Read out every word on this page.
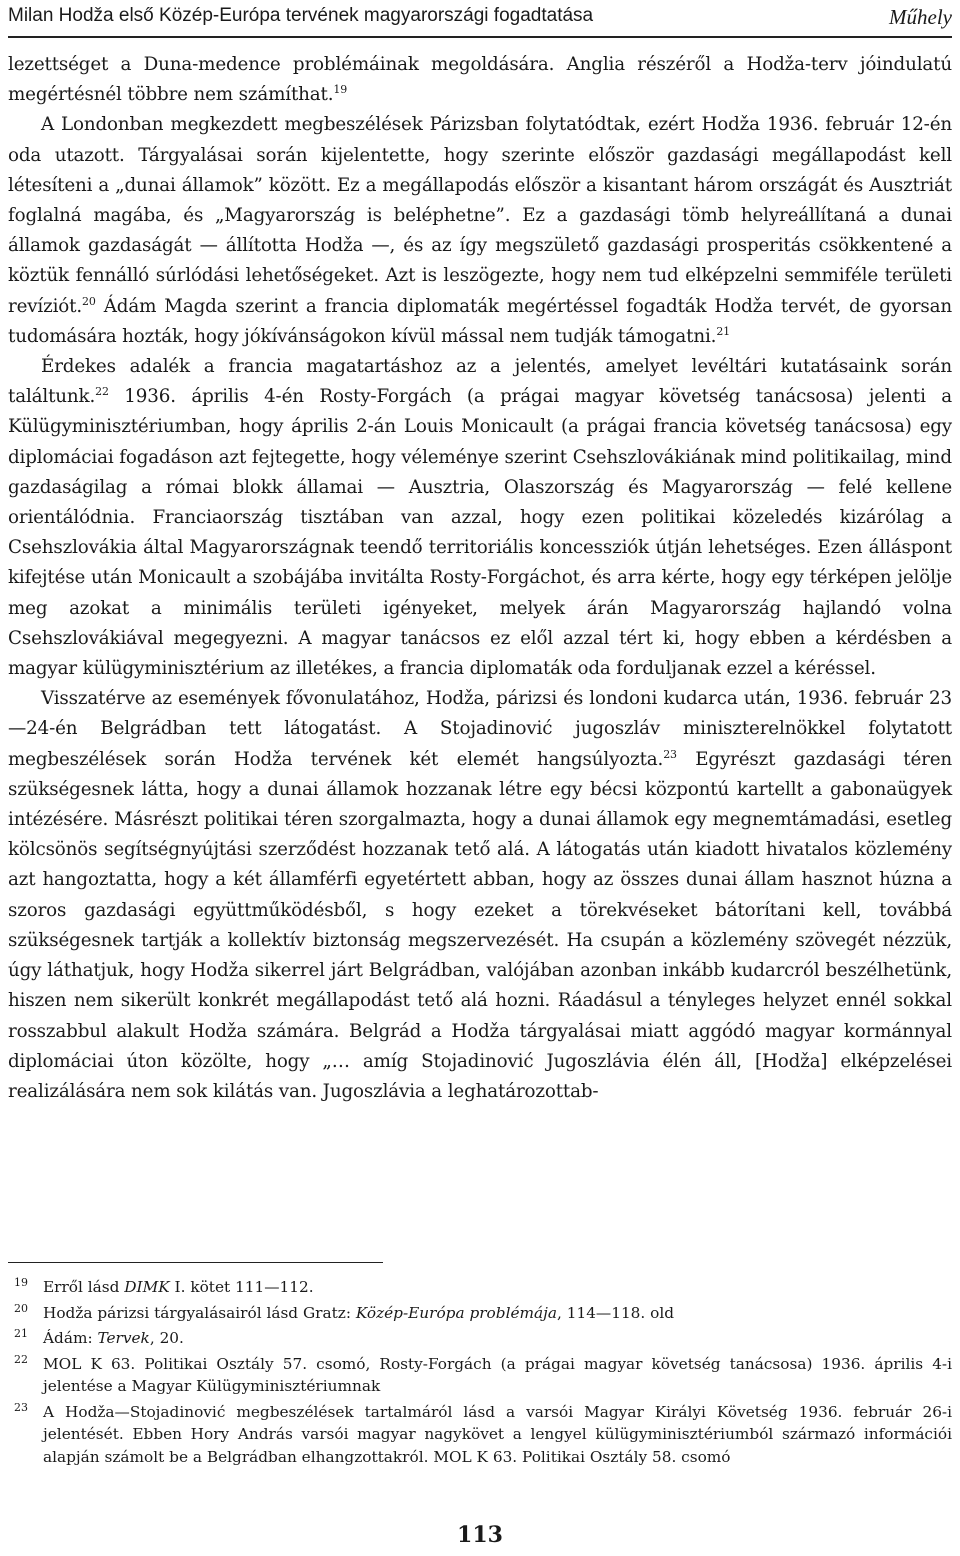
Milan Hodža első Közép-Európa tervének magyarországi fogadtatása	Műhely

lezettséget a Duna-medence problémáinak megoldására. Anglia részéről a Hodža-terv jóindulatú megértésnél többre nem számíthat.$^{19}$

A Londonban megkezdett megbeszélések Párizsban folytatódtak, ezért Hodža 1936. február 12-én oda utazott. Tárgyalásai során kijelentette, hogy szerinte először gazdasági megállapodást kell létesíteni a „dunai államok” között. Ez a megállapodás először a kisantant három országát és Ausztriát foglalná magába, és „Magyarország is beléphetne”. Ez a gazdasági tömb helyreállítaná a dunai államok gazdaságát — állította Hodža —, és az így megszülető gazdasági prosperitás csökkentené a köztük fennálló súrlódási lehetőségeket. Azt is leszögezte, hogy nem tud elképzelni semmiféle területi revíziót.$^{20}$ Ádám Magda szerint a francia diplomaták megértéssel fogadták Hodža tervét, de gyorsan tudomására hozták, hogy jókívánságokon kívül mással nem tudják támogatni.$^{21}$

Érdekes adalék a francia magatartáshoz az a jelentés, amelyet levéltári kutatásaink során találtunk.$^{22}$ 1936. április 4-én Rosty-Forgách (a prágai magyar követség tanácsosa) jelenti a Külügyminisztériumban, hogy április 2-án Louis Monicault (a prágai francia követség tanácsosa) egy diplomáciai fogadáson azt fejtegette, hogy véleménye szerint Csehszlovákiának mind politikailag, mind gazdaságilag a római blokk államai — Ausztria, Olaszország és Magyarország — felé kellene orientálódnia. Franciaország tisztában van azzal, hogy ezen politikai közeledés kizárólag a Csehszlovákia által Magyarországnak teendő territoriális koncessziók útján lehetséges. Ezen álláspont kifejtése után Monicault a szobájába invitálta Rosty-Forgáchot, és arra kérte, hogy egy térképen jelölje meg azokat a minimális területi igényeket, melyek árán Magyarország hajlandó volna Csehszlovákiával megegyezni. A magyar tanácsos ez elől azzal tért ki, hogy ebben a kérdésben a magyar külügyminisztérium az illetékes, a francia diplomaták oda forduljanak ezzel a kéréssel.

Visszatérve az események fővonulatához, Hodža, párizsi és londoni kudarca után, 1936. február 23—24-én Belgrádban tett látogatást. A Stojadinović jugoszláv miniszterelnökkel folytatott megbeszélések során Hodža tervének két elemét hangsúlyozta.$^{23}$ Egyrészt gazdasági téren szükségesnek látta, hogy a dunai államok hozzanak létre egy bécsi központú kartellt a gabonaügyek intézésére. Másrészt politikai téren szorgalmazta, hogy a dunai államok egy megnemtámadási, esetleg kölcsönös segítségnyújtási szerződést hozzanak tető alá. A látogatás után kiadott hivatalos közlemény azt hangoztatta, hogy a két államférfi egyetértett abban, hogy az összes dunai állam hasznot húzna a szoros gazdasági együttműködésből, s hogy ezeket a törekvéseket bátorítani kell, továbbá szükségesnek tartják a kollektív biztonság megszervezését. Ha csupán a közlemény szövegét nézzük, úgy láthatjuk, hogy Hodža sikerrel járt Belgrádban, valójában azonban inkább kudarcról beszélhetünk, hiszen nem sikerült konkrét megállapodást tető alá hozni. Ráadásul a tényleges helyzet ennél sokkal rosszabbul alakult Hodža számára. Belgrád a Hodža tárgyalásai miatt aggódó magyar kormánnyal diplomáciai úton közölte, hogy „… amíg Stojadinović Jugoszlávia élén áll, [Hodža] elképzelései realizálására nem sok kilátás van. Jugoszlávia a leghatározottab-

19 Erről lásd DIMK I. kötet 111—112.
20 Hodža párizsi tárgyalásairól lásd Gratz: Közép-Európa problémája, 114—118. old
21 Ádám: Tervek, 20.
22 MOL K 63. Politikai Osztály 57. csomó, Rosty-Forgách (a prágai magyar követség tanácsosa) 1936. április 4-i jelentése a Magyar Külügyminisztériumnak
23 A Hodža—Stojadinović megbeszélések tartalmáról lásd a varsói Magyar Királyi Követség 1936. február 26-i jelentését. Ebben Hory András varsói magyar nagykövet a lengyel külügyminisztériumból származó információi alapján számolt be a Belgrádban elhangzottakról. MOL K 63. Politikai Osztály 58. csomó
113
